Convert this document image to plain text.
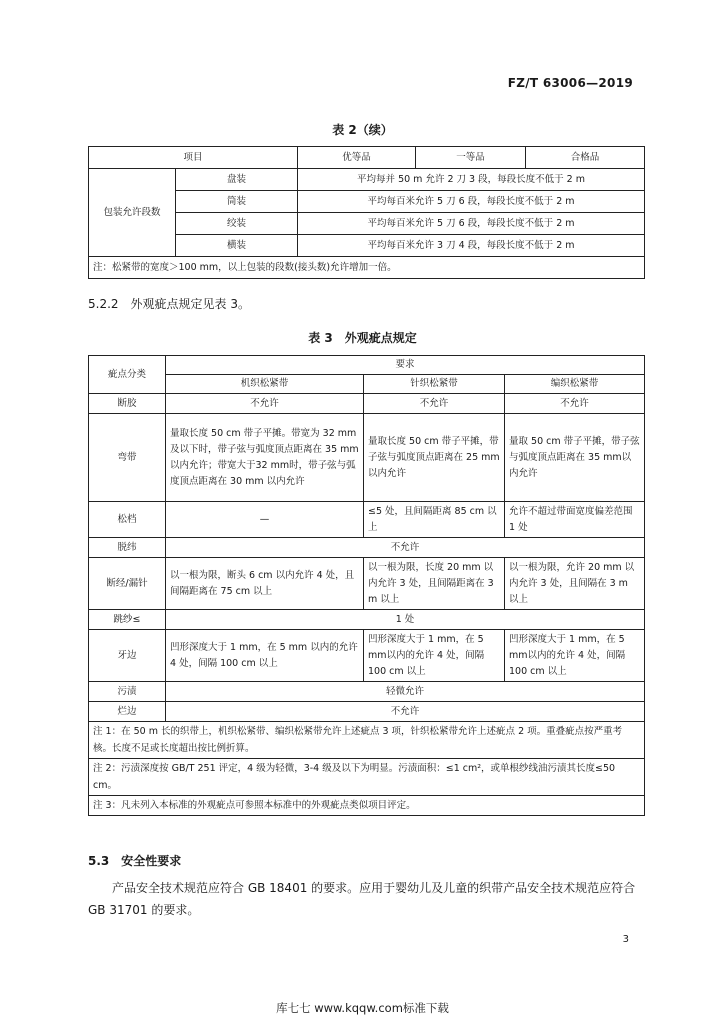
FZ/T 63006—2019
表 2（续）
项目		优等品	一等品	合格品
包装允许段数	盘装	平均每并 50 m 允许 2 刀 3 段，每段长度不低于 2 m		
	筒装	平均每百米允许 5 刀 6 段，每段长度不低于 2 m		
	绞装	平均每百米允许 5 刀 6 段，每段长度不低于 2 m		
	横装	平均每百米允许 3 刀 4 段，每段长度不低于 2 m		
注：松紧带的宽度＞100 mm，以上包装的段数(接头数)允许增加一倍。				
5.2.2　外观疵点规定见表 3。
表 3　外观疵点规定
疵点分类	要求		
	机织松紧带	针织松紧带	编织松紧带
断胶	不允许	不允许	不允许
弯带	量取长度 50 cm 带子平摊。带宽为 32 mm及以下时，带子弦与弧度顶点距离在 35 mm 以内允许；带宽大于32 mm时，带子弦与弧度顶点距离在 30 mm 以内允许	量取长度 50 cm 带子平摊，带子弦与弧度顶点距离在 25 mm 以内允许	量取 50 cm 带子平摊，带子弦与弧度顶点距离在 35 mm以内允许
松档	—	≤5 处，且间隔距离 85 cm 以上	允许不超过带面宽度偏差范围 1 处
脱纬	不允许		
断经/漏针	以一根为限，断头 6 cm 以内允许 4 处，且间隔距离在 75 cm 以上	以一根为限，长度 20 mm 以内允许 3 处，且间隔距离在 3 m 以上	以一根为限，允许 20 mm 以内允许 3 处，且间隔在 3 m 以上
跳纱≤	1 处		
牙边	凹形深度大于 1 mm，在 5 mm 以内的允许 4 处，间隔 100 cm 以上	凹形深度大于 1 mm，在 5 mm以内的允许 4 处，间隔 100 cm 以上	凹形深度大于 1 mm，在 5 mm以内的允许 4 处，间隔 100 cm 以上
污渍	轻微允许		
烂边	不允许		
注 1：在 50 m 长的织带上，机织松紧带、编织松紧带允许上述疵点 3 项，针织松紧带允许上述疵点 2 项。重叠疵点按严重考核。长度不足或长度超出按比例折算。			
注 2：污渍深度按 GB/T 251 评定，4 级为轻微，3-4 级及以下为明显。污渍面积：≤1 cm²，或单根纱线油污渍其长度≤50 cm。			
注 3：凡未列入本标准的外观疵点可参照本标准中的外观疵点类似项目评定。			
5.3　安全性要求
产品安全技术规范应符合 GB 18401 的要求。应用于婴幼儿及儿童的织带产品安全技术规范应符合 GB 31701 的要求。
3
库七七 www.kqqw.com标准下载
